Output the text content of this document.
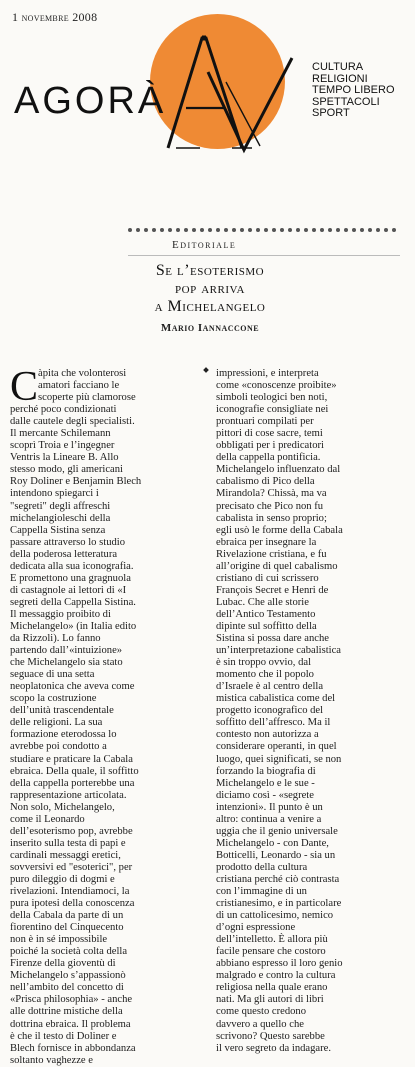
1 novembre 2008
AGORÀ
CULTURA
RELIGIONI
TEMPO LIBERO
SPETTACOLI
SPORT
Editoriale
Se l’esoterismo
pop arriva
a Michelangelo
Mario Iannaccone
C àpita che volonterosi
amatori facciano le
scoperte più clamorose
perché poco condizionati
dalle cautele degli specialisti.
Il mercante Schilemann
scoprì Troia e l’ingegner
Ventris la Lineare B. Allo
stesso modo, gli americani
Roy Doliner e Benjamin Blech
intendono spiegarci i
"segreti" degli affreschi
michelangioleschi della
Cappella Sistina senza
passare attraverso lo studio
della poderosa letteratura
dedicata alla sua iconografia.
E promettono una gragnuola
di castagnole ai lettori di «I
segreti della Cappella Sistina.
Il messaggio proibito di
Michelangelo» (in Italia edito
da Rizzoli). Lo fanno
partendo dall’«intuizione»
che Michelangelo sia stato
seguace di una setta
neoplatonica che aveva come
scopo la costruzione
dell’unità trascendentale
delle religioni. La sua
formazione eterodossa lo
avrebbe poi condotto a
studiare e praticare la Cabala
ebraica. Della quale, il soffitto
della cappella porterebbe una
rappresentazione articolata.
Non solo, Michelangelo,
come il Leonardo
dell’esoterismo pop, avrebbe
inserito sulla testa di papi e
cardinali messaggi eretici,
sovversivi ed "esoterici", per
puro dileggio di dogmi e
rivelazioni. Intendiamoci, la
pura ipotesi della conoscenza
della Cabala da parte di un
fiorentino del Cinquecento
non è in sé impossibile
poiché la società colta della
Firenze della gioventù di
Michelangelo s’appassionò
nell’ambito del concetto di
«Prisca philosophia» - anche
alle dottrine mistiche della
dottrina ebraica. Il problema
è che il testo di Doliner e
Blech fornisce in abbondanza
soltanto vaghezze e
impressioni, e interpreta
come «conoscenze proibite»
simboli teologici ben noti,
iconografie consigliate nei
prontuari compilati per
pittori di cose sacre, temi
obbligati per i predicatori
della cappella pontificia.
Michelangelo influenzato dal
cabalismo di Pico della
Mirandola? Chissà, ma va
precisato che Pico non fu
cabalista in senso proprio;
egli usò le forme della Cabala
ebraica per insegnare la
Rivelazione cristiana, e fu
all’origine di quel cabalismo
cristiano di cui scrissero
François Secret e Henri de
Lubac. Che alle storie
dell’Antico Testamento
dipinte sul soffitto della
Sistina si possa dare anche
un’interpretazione cabalistica
è sin troppo ovvio, dal
momento che il popolo
d’Israele è al centro della
mistica cabalistica come del
progetto iconografico del
soffitto dell’affresco. Ma il
contesto non autorizza a
considerare operanti, in quel
luogo, quei significati, se non
forzando la biografia di
Michelangelo e le sue -
diciamo così - «segrete
intenzioni». Il punto è un
altro: continua a venire a
uggia che il genio universale
Michelangelo - con Dante,
Botticelli, Leonardo - sia un
prodotto della cultura
cristiana perché ciò contrasta
con l’immagine di un
cristianesimo, e in particolare
di un cattolicesimo, nemico
d’ogni espressione
dell’intelletto. È allora più
facile pensare che costoro
abbiano espresso il loro genio
malgrado e contro la cultura
religiosa nella quale erano
nati. Ma gli autori di libri
come questo credono
davvero a quello che
scrivono? Questo sarebbe
il vero segreto da indagare.
